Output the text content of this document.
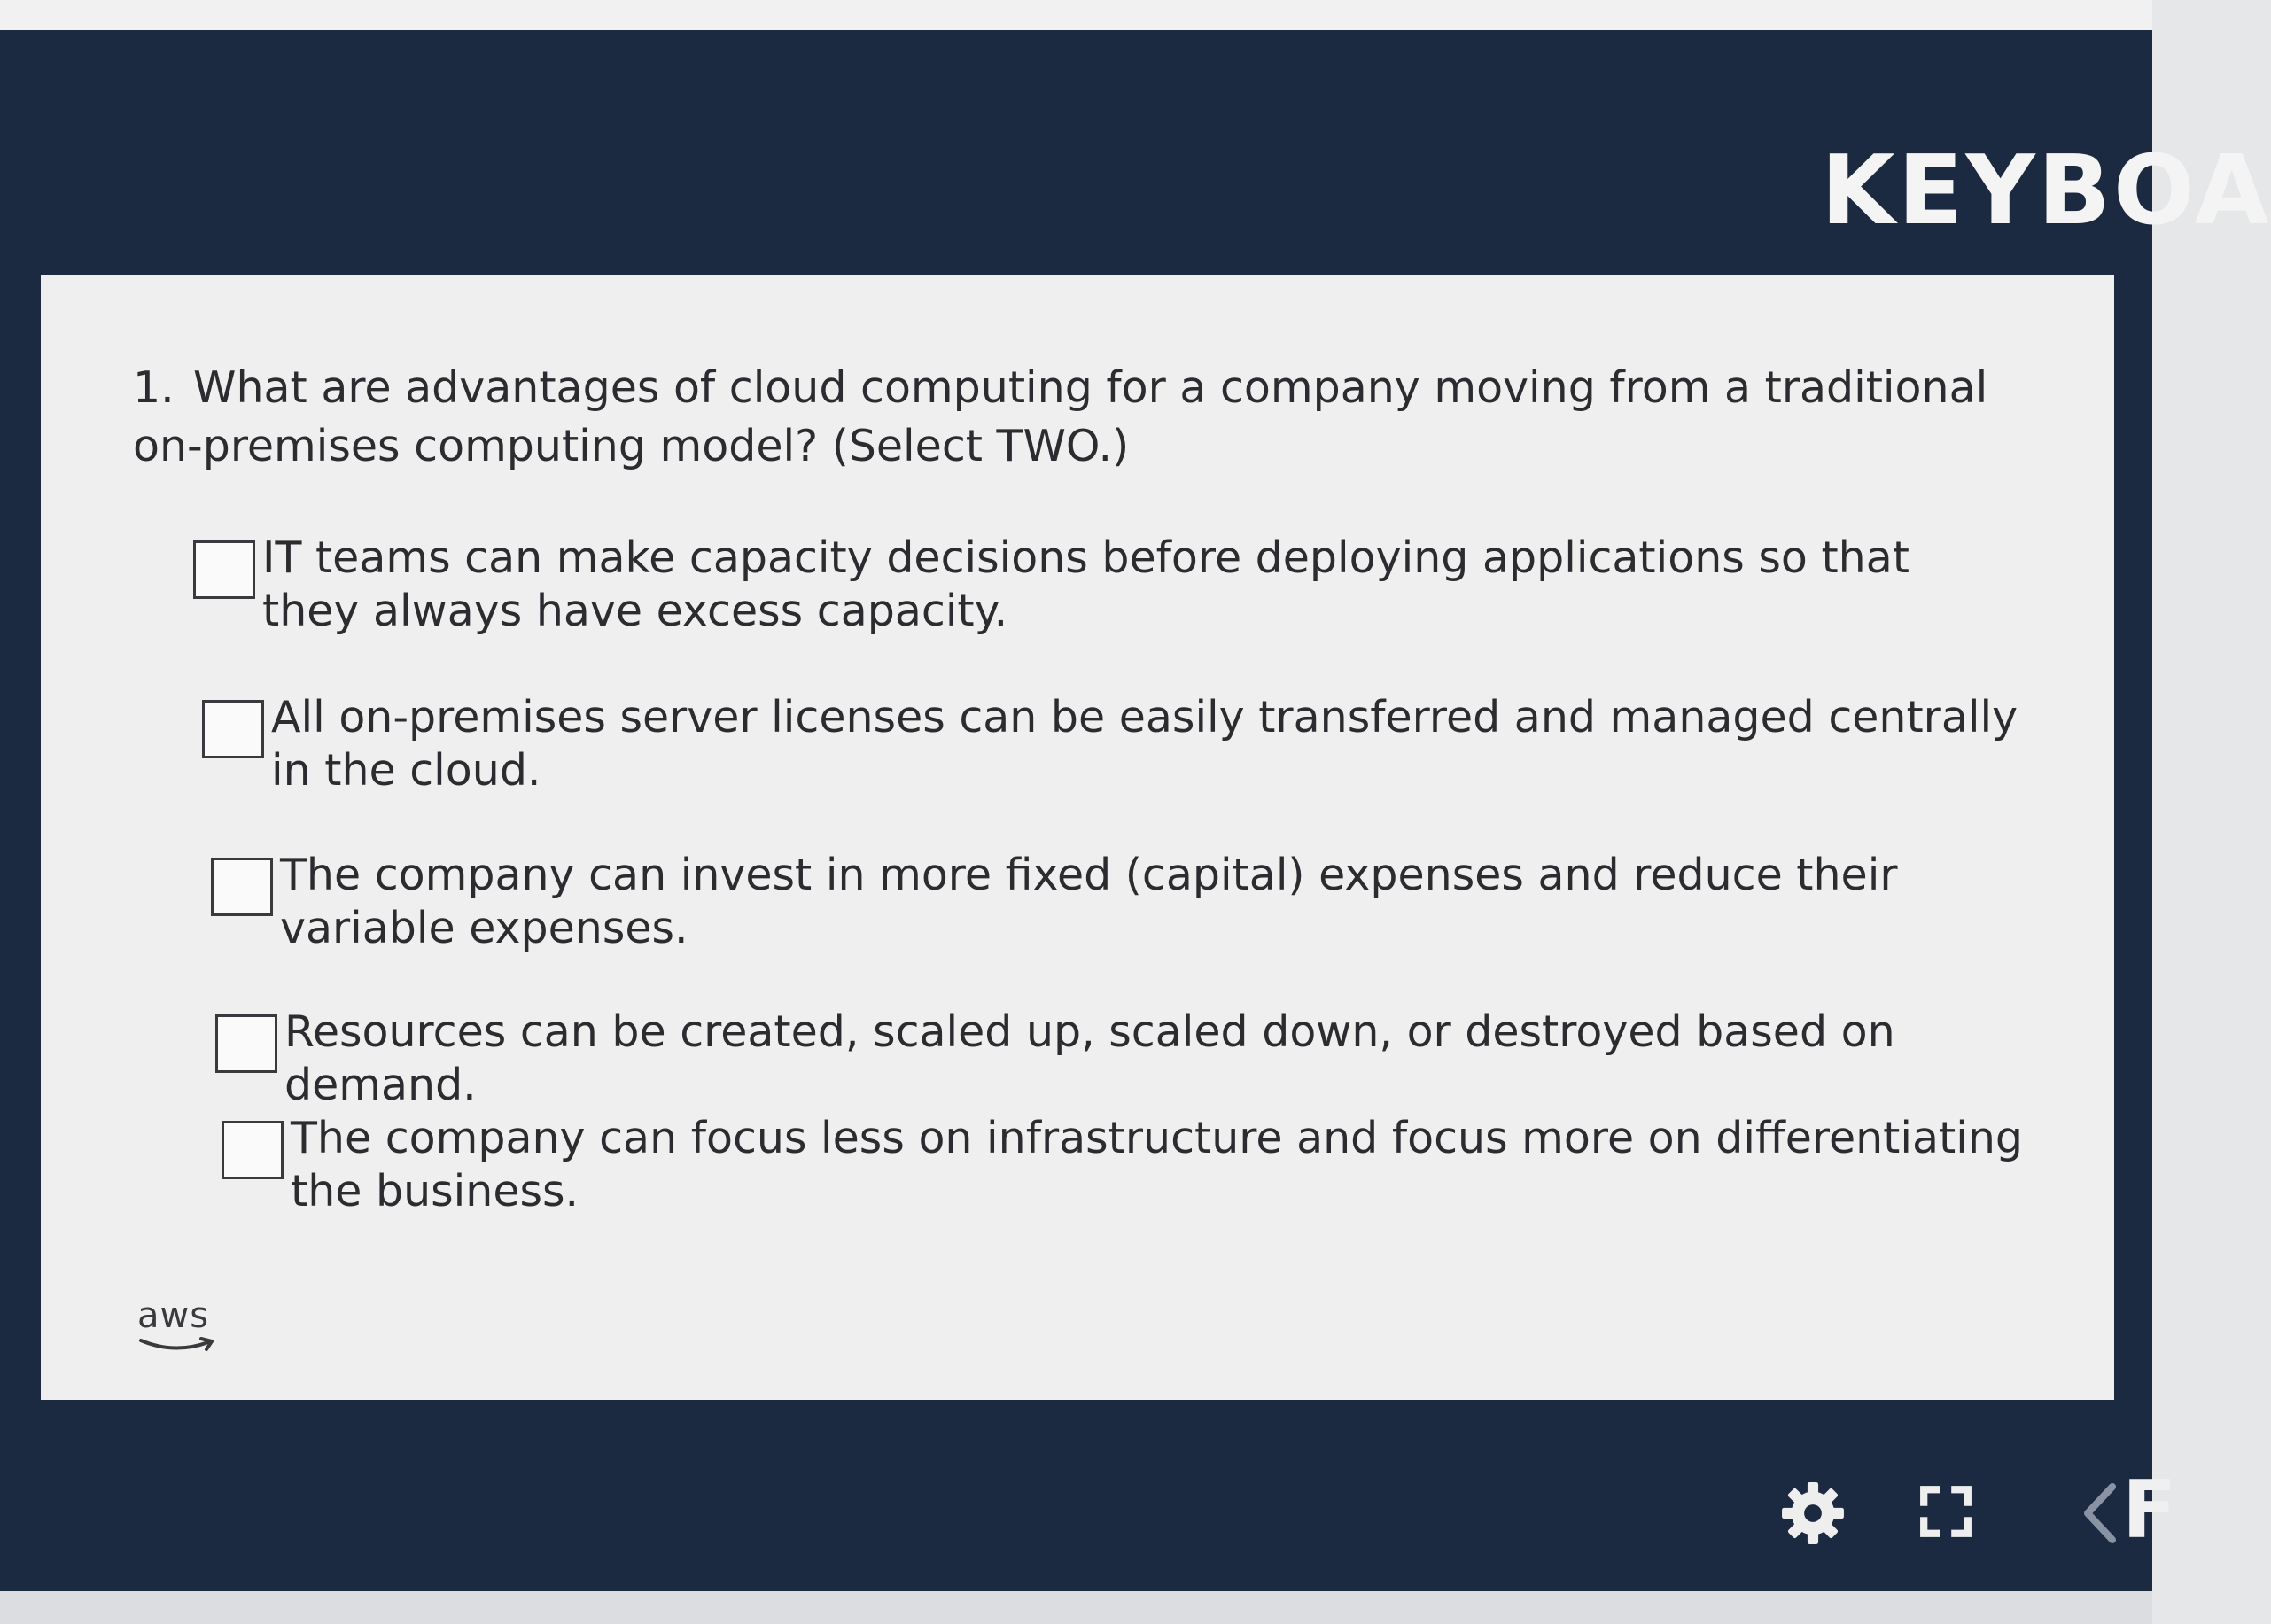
KEYBOA
1. What are advantages of cloud computing for a company moving from a traditional on-premises computing model? (Select TWO.)
IT teams can make capacity decisions before deploying applications so that they always have excess capacity.
All on-premises server licenses can be easily transferred and managed centrally in the cloud.
The company can invest in more fixed (capital) expenses and reduce their variable expenses.
Resources can be created, scaled up, scaled down, or destroyed based on demand.
The company can focus less on infrastructure and focus more on differentiating the business.
aws
F
